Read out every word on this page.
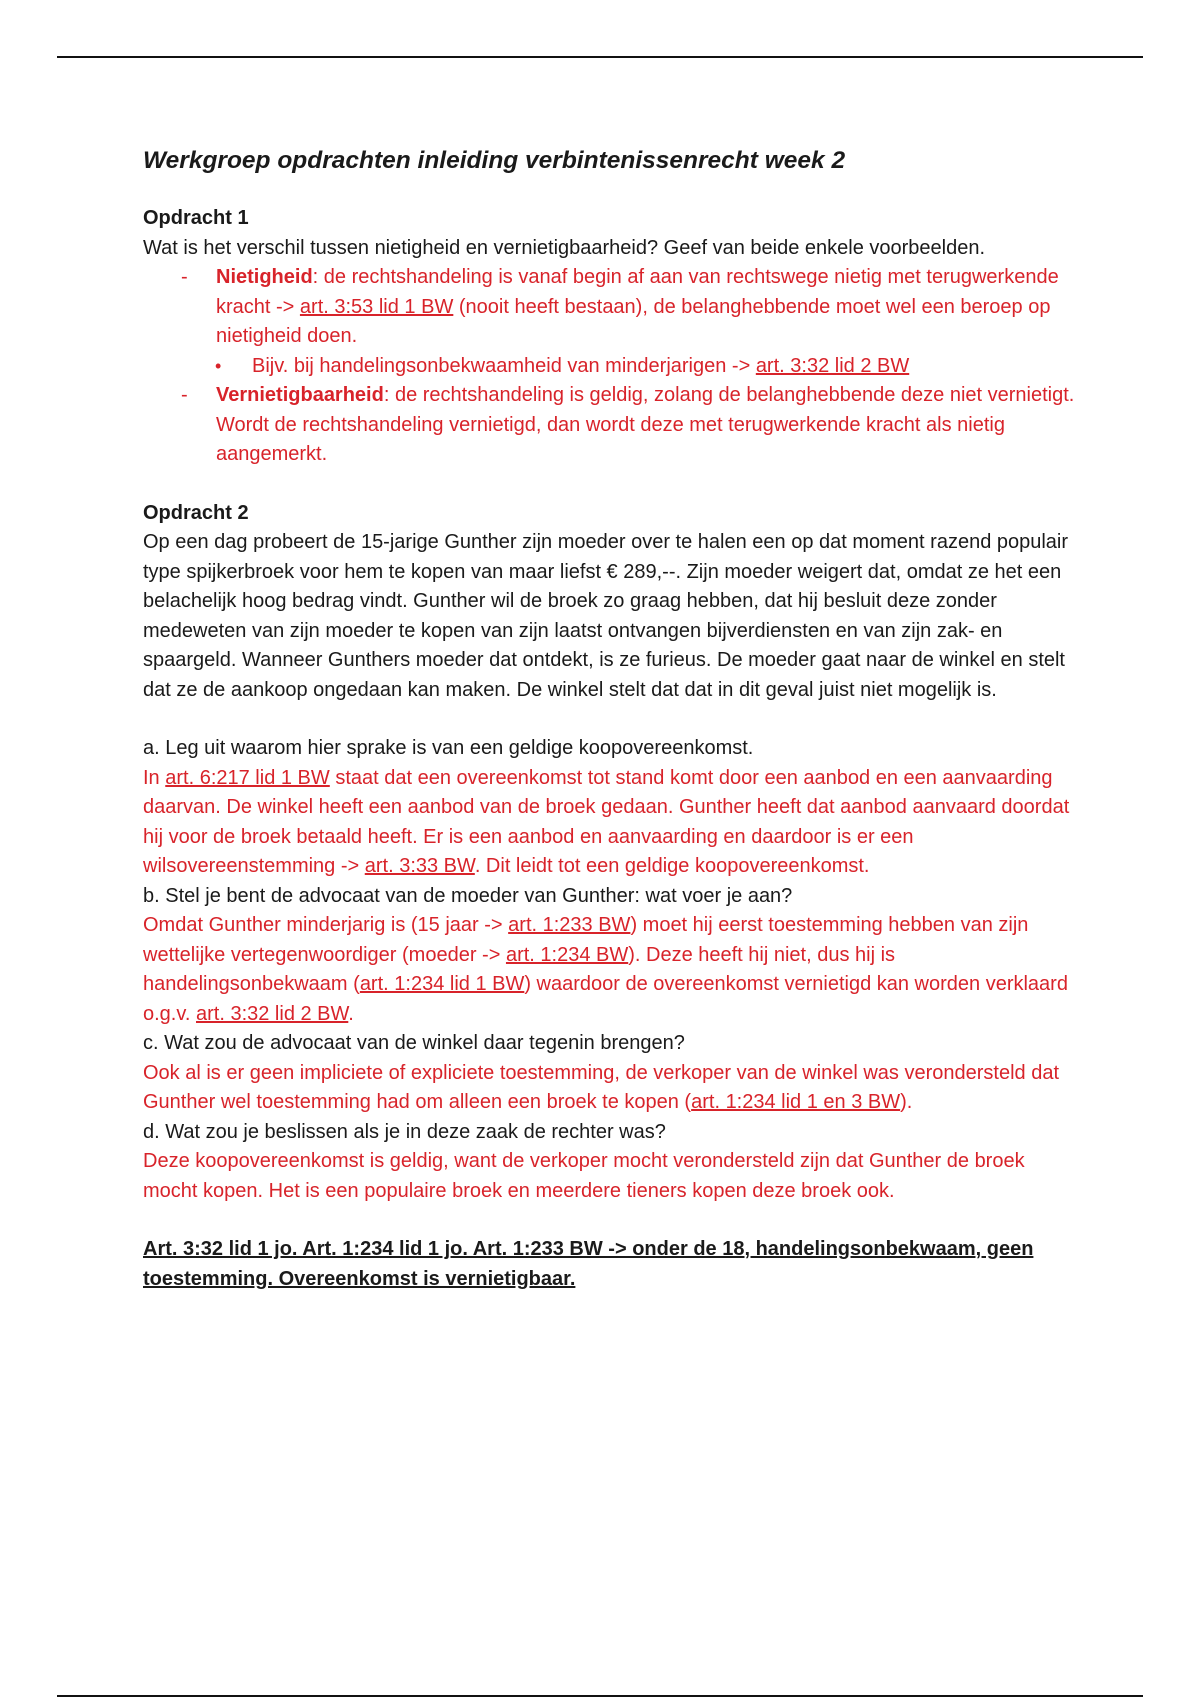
Werkgroep opdrachten inleiding verbintenissenrecht week 2

Opdracht 1

Wat is het verschil tussen nietigheid en vernietigbaarheid? Geef van beide enkele voorbeelden.

- Nietigheid: de rechtshandeling is vanaf begin af aan van rechtswege nietig met terugwerkende kracht -> art. 3:53 lid 1 BW (nooit heeft bestaan), de belanghebbende moet wel een beroep op nietigheid doen.
• Bijv. bij handelingsonbekwaamheid van minderjarigen -> art. 3:32 lid 2 BW
- Vernietigbaarheid: de rechtshandeling is geldig, zolang de belanghebbende deze niet vernietigt. Wordt de rechtshandeling vernietigd, dan wordt deze met terugwerkende kracht als nietig aangemerkt.

Opdracht 2

Op een dag probeert de 15-jarige Gunther zijn moeder over te halen een op dat moment razend populair type spijkerbroek voor hem te kopen van maar liefst € 289,--. Zijn moeder weigert dat, omdat ze het een belachelijk hoog bedrag vindt. Gunther wil de broek zo graag hebben, dat hij besluit deze zonder medeweten van zijn moeder te kopen van zijn laatst ontvangen bijverdiensten en van zijn zak- en spaargeld. Wanneer Gunthers moeder dat ontdekt, is ze furieus. De moeder gaat naar de winkel en stelt dat ze de aankoop ongedaan kan maken. De winkel stelt dat dat in dit geval juist niet mogelijk is.

a. Leg uit waarom hier sprake is van een geldige koopovereenkomst.

In art. 6:217 lid 1 BW staat dat een overeenkomst tot stand komt door een aanbod en een aanvaarding daarvan. De winkel heeft een aanbod van de broek gedaan. Gunther heeft dat aanbod aanvaard doordat hij voor de broek betaald heeft. Er is een aanbod en aanvaarding en daardoor is er een wilsovereenstemming -> art. 3:33 BW. Dit leidt tot een geldige koopovereenkomst.

b. Stel je bent de advocaat van de moeder van Gunther: wat voer je aan?

Omdat Gunther minderjarig is (15 jaar -> art. 1:233 BW) moet hij eerst toestemming hebben van zijn wettelijke vertegenwoordiger (moeder -> art. 1:234 BW). Deze heeft hij niet, dus hij is handelingsonbekwaam (art. 1:234 lid 1 BW) waardoor de overeenkomst vernietigd kan worden verklaard o.g.v. art. 3:32 lid 2 BW.

c. Wat zou de advocaat van de winkel daar tegenin brengen?

Ook al is er geen impliciete of expliciete toestemming, de verkoper van de winkel was verondersteld dat Gunther wel toestemming had om alleen een broek te kopen (art. 1:234 lid 1 en 3 BW).

d. Wat zou je beslissen als je in deze zaak de rechter was?

Deze koopovereenkomst is geldig, want de verkoper mocht verondersteld zijn dat Gunther de broek mocht kopen. Het is een populaire broek en meerdere tieners kopen deze broek ook.

Art. 3:32 lid 1 jo. Art. 1:234 lid 1 jo. Art. 1:233 BW -> onder de 18, handelingsonbekwaam, geen toestemming. Overeenkomst is vernietigbaar.
